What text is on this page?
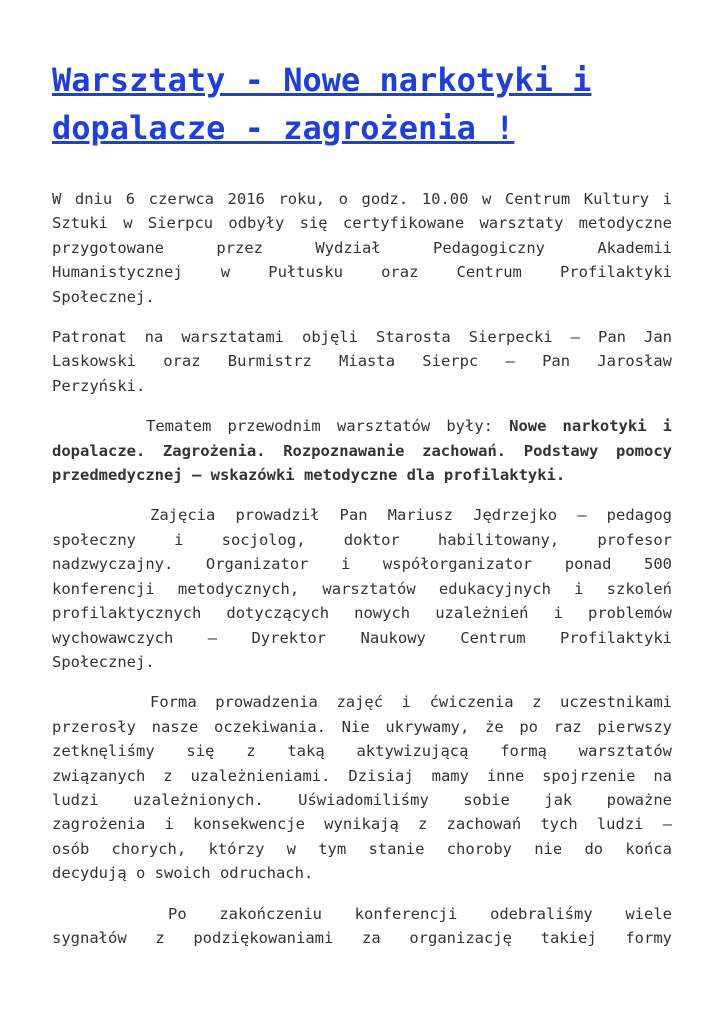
Warsztaty - Nowe narkotyki i
dopalacze - zagrożenia !

W dniu 6 czerwca 2016 roku, o godz. 10.00 w Centrum Kultury i
Sztuki w Sierpcu odbyły się certyfikowane warsztaty metodyczne
przygotowane przez Wydział Pedagogiczny Akademii
Humanistycznej w Pułtusku oraz Centrum Profilaktyki
Społecznej.

Patronat na warsztatami objęli Starosta Sierpecki – Pan Jan
Laskowski oraz Burmistrz Miasta Sierpc – Pan Jarosław
Perzyński.

Tematem przewodnim warsztatów były: Nowe narkotyki i
dopalacze. Zagrożenia. Rozpoznawanie zachowań. Podstawy pomocy
przedmedycznej – wskazówki metodyczne dla profilaktyki.

Zajęcia prowadził Pan Mariusz Jędrzejko – pedagog
społeczny i socjolog, doktor habilitowany, profesor
nadzwyczajny. Organizator i współorganizator ponad 500
konferencji metodycznych, warsztatów edukacyjnych i szkoleń
profilaktycznych dotyczących nowych uzależnień i problemów
wychowawczych – Dyrektor Naukowy Centrum Profilaktyki
Społecznej.

Forma prowadzenia zajęć i ćwiczenia z uczestnikami
przerosły nasze oczekiwania. Nie ukrywamy, że po raz pierwszy
zetknęliśmy się z taką aktywizującą formą warsztatów
związanych z uzależnieniami. Dzisiaj mamy inne spojrzenie na
ludzi uzależnionych. Uświadomiliśmy sobie jak poważne
zagrożenia i konsekwencje wynikają z zachowań tych ludzi –
osób chorych, którzy w tym stanie choroby nie do końca
decydują o swoich odruchach.

Po zakończeniu konferencji odebraliśmy wiele
sygnałów z podziękowaniami za organizację takiej formy
